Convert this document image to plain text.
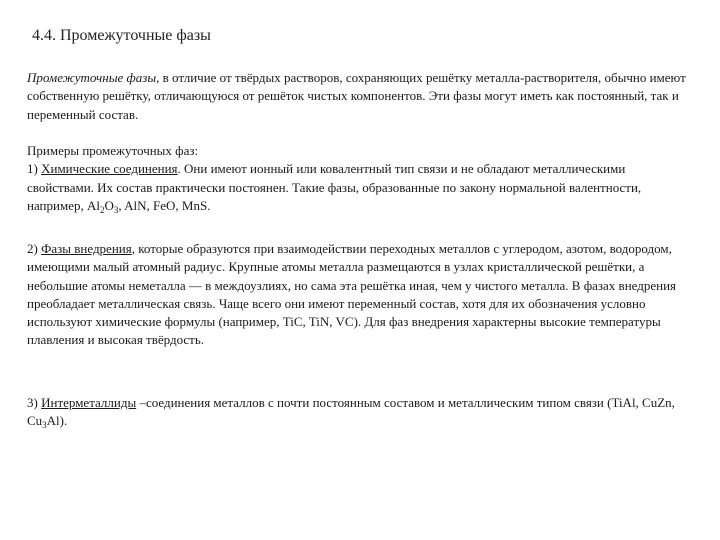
4.4. Промежуточные фазы

Промежуточные фазы, в отличие от твёрдых растворов, сохраняющих решётку металла-растворителя, обычно имеют собственную решётку, отличающуюся от решёток чистых компонентов. Эти фазы могут иметь как постоянный, так и переменный состав.

Примеры промежуточных фаз:

1) Химические соединения. Они имеют ионный или ковалентный тип связи и не обладают металлическими свойствами. Их состав практически постоянен. Такие фазы, образованные по закону нормальной валентности, например, $Al_2O_3$, AlN, FeO, MnS.

2) Фазы внедрения, которые образуются при взаимодействии переходных металлов с углеродом, азотом, водородом, имеющими малый атомный радиус. Крупные атомы металла размещаются в узлах кристаллической решётки, а небольшие атомы неметалла — в междоузлиях, но сама эта решётка иная, чем у чистого металла. В фазах внедрения преобладает металлическая связь. Чаще всего они имеют переменный состав, хотя для их обозначения условно используют химические формулы (например, TiC, TiN, VC). Для фаз внедрения характерны высокие температуры плавления и высокая твёрдость.

3) Интерметаллиды –соединения металлов с почти постоянным составом и металлическим типом связи (TiAl, CuZn, $Cu_3Al$).
